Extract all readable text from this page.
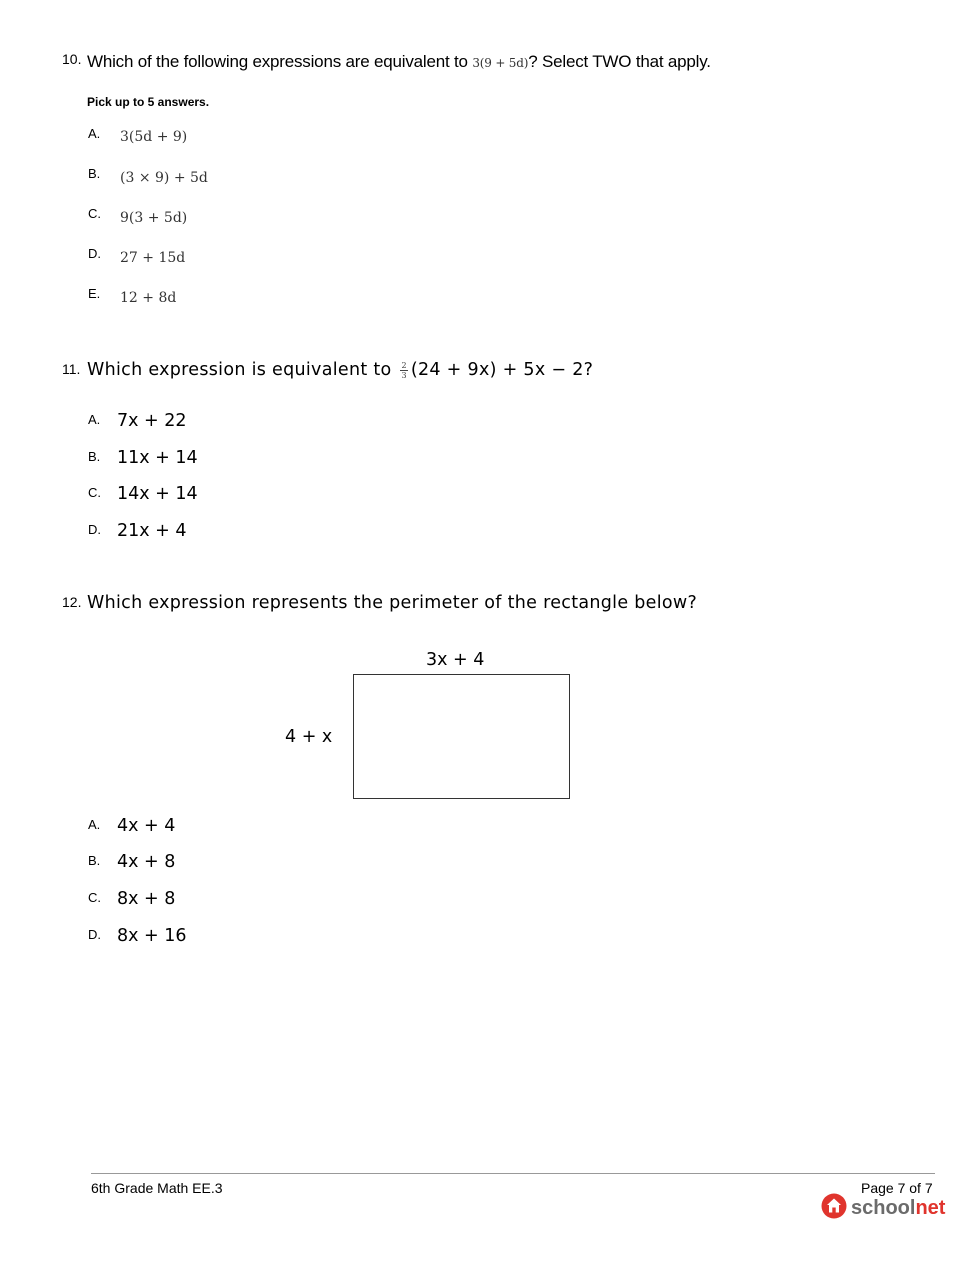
10. Which of the following expressions are equivalent to 3(9 + 5d)? Select TWO that apply.
Pick up to 5 answers.
A. 3(5d + 9)
B. (3 × 9) + 5d
C. 9(3 + 5d)
D. 27 + 15d
E. 12 + 8d
11. Which expression is equivalent to $\frac{2}{3} (24 + 9x) + 5x - 2$?
A. 7x + 22
B. 11x + 14
C. 14x + 14
D. 21x + 4
12. Which expression represents the perimeter of the rectangle below?
3x + 4
4 + x
A. 4x + 4
B. 4x + 8
C. 8x + 8
D. 8x + 16
6th Grade Math EE.3	Page 7 of 7
schoolnet
